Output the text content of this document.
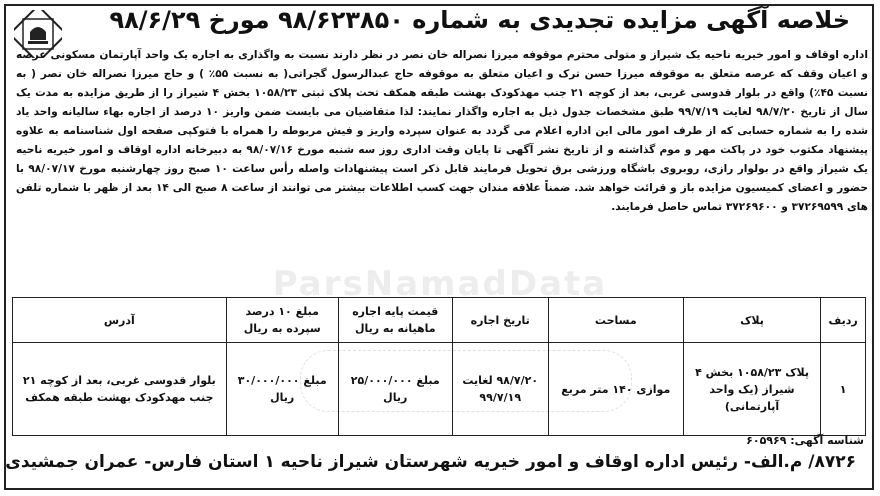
خلاصه آگهی مزایده تجدیدی به شماره ۹۸/۶۲۳۸۵۰ مورخ ۹۸/۶/۲۹
اداره اوقاف و امور خیریه ناحیه یک شیراز و متولی محترم موقوفه میرزا نصراله خان نصر در نظر دارند نسبت به واگذاری به اجاره یک واحد آپارتمان مسکونی عرصه و اعیان وقف که عرصه متعلق به موقوفه میرزا حسن ترک و اعیان متعلق به موقوفه حاج عبدالرسول گجراتی( به نسبت ۵۵٪ ) و حاج میرزا نصراله خان نصر ( به نسبت ۴۵٪) واقع در بلوار قدوسی غربی، بعد از کوچه ۲۱ جنب مهدکودک بهشت طبقه همکف تحت پلاک ثبتی ۱۰۵۸/۲۳ بخش ۴ شیراز را از طریق مزایده به مدت یک سال از تاریخ ۹۸/۷/۲۰ لغایت ۹۹/۷/۱۹ طبق مشخصات جدول ذیل به اجاره واگذار نمایند: لذا متقاضیان می بایست ضمن واریز ۱۰ درصد از اجاره بهاء سالیانه واحد یاد شده را به شماره حسابی که از طرف امور مالی این اداره اعلام می گردد به عنوان سپرده واریز و فیش مربوطه را همراه با فتوکپی صفحه اول شناسنامه به علاوه پیشنهاد مکتوب خود در پاکت مهر و موم گذاشته و از تاریخ نشر آگهی تا پایان وقت اداری روز سه شنبه مورخ ۹۸/۰۷/۱۶ به دبیرخانه اداره اوقاف و امور خیریه ناحیه یک شیراز واقع در بولوار رازی، روبروی باشگاه ورزشی برق تحویل فرمایند قابل ذکر است پیشنهادات واصله رأس ساعت ۱۰ صبح روز چهارشنبه مورخ ۹۸/۰۷/۱۷ با حضور و اعضای کمیسیون مزایده باز و قرائت خواهد شد. ضمناً علاقه مندان جهت کسب اطلاعات بیشتر می توانند از ساعت ۸ صبح الی ۱۴ بعد از ظهر با شماره تلفن های ۳۷۲۶۹۵۹۹ و ۳۷۲۶۹۶۰۰ تماس حاصل فرمایند.
ParsNamadData
ردیف	پلاک	مساحت	تاریخ اجاره	قیمت پایه اجاره ماهیانه به ریال	مبلغ ۱۰ درصد سپرده به ریال	آدرس
۱	پلاک ۱۰۵۸/۲۳ بخش ۴ شیراز (یک واحد آپارتمانی)	موازی ۱۴۰ متر مربع	۹۸/۷/۲۰ لغایت ۹۹/۷/۱۹	مبلغ ۲۵/۰۰۰/۰۰۰ ریال	مبلغ ۳۰/۰۰۰/۰۰۰ ریال	بلوار قدوسی غربی، بعد از کوچه ۲۱ جنب مهدکودک بهشت طبقه همکف
شناسه آگهی: ۶۰۵۹۶۹
۸۷۲۶/ م.الف- رئیس اداره اوقاف و امور خیریه شهرستان شیراز ناحیه ۱ استان فارس- عمران جمشیدی
